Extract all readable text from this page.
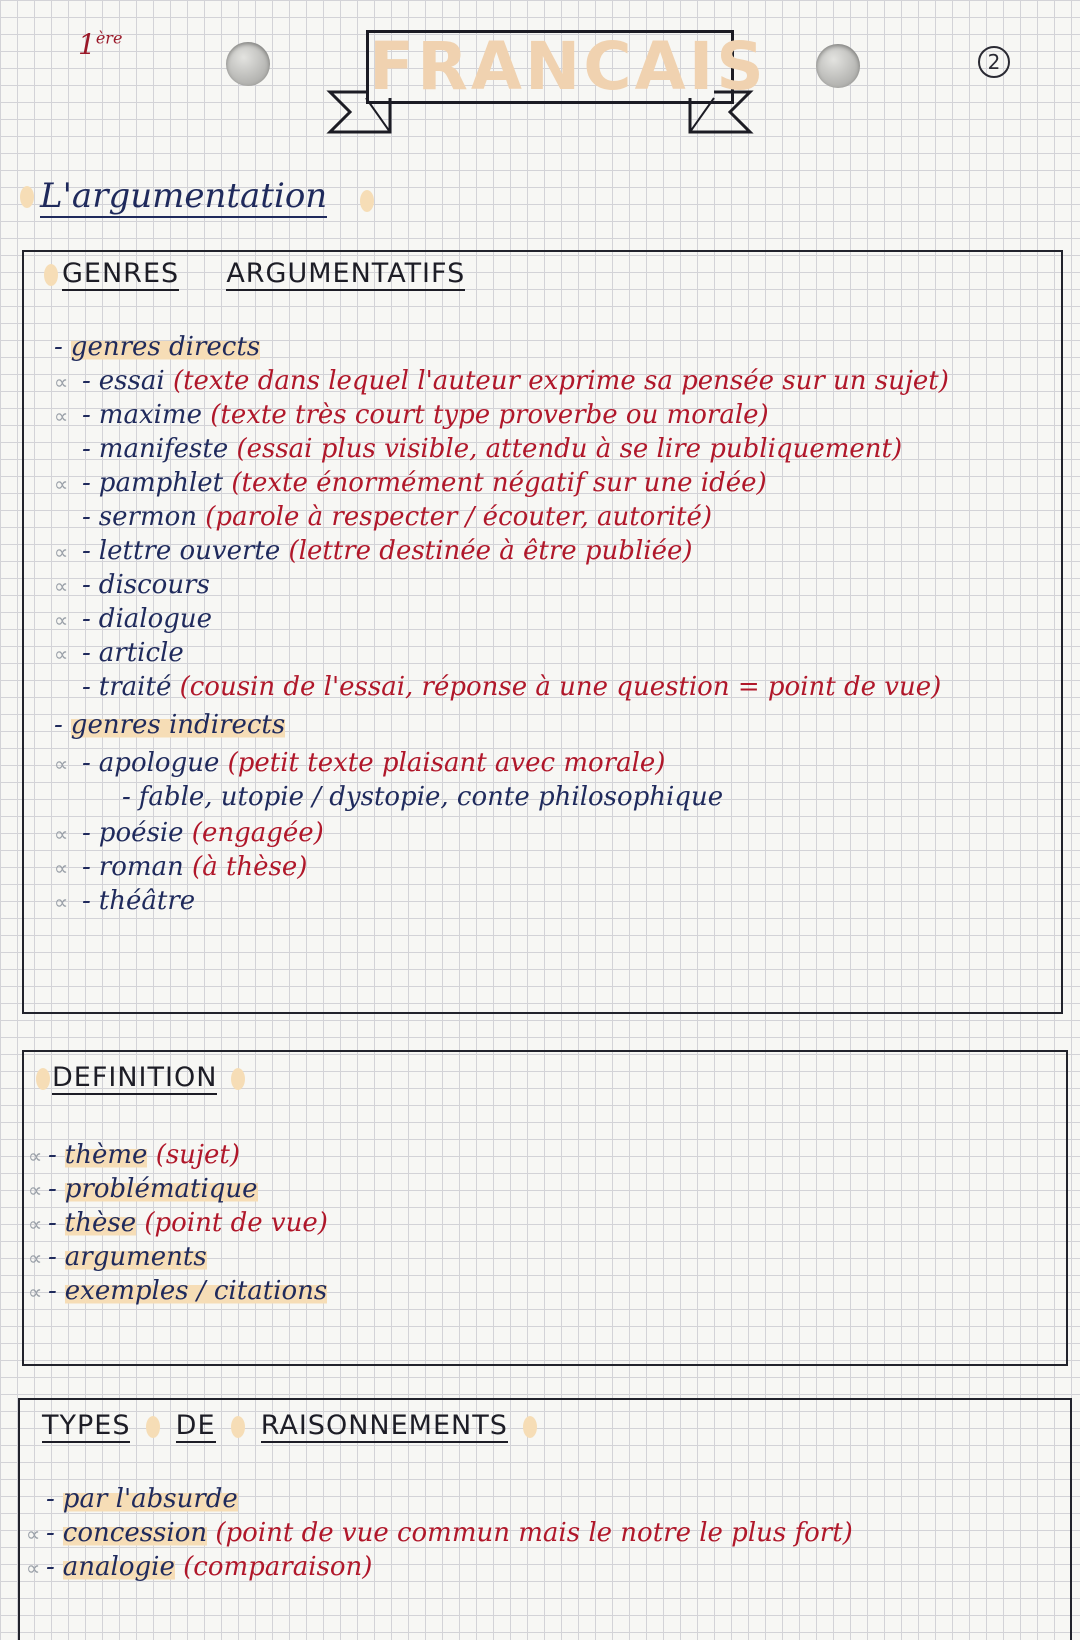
1ère
2
FRANCAIS
L'argumentation
GENRES ARGUMENTATIFS
- genres directs
∝ - essai (texte dans lequel l'auteur exprime sa pensée sur un sujet)
∝ - maxime (texte très court type proverbe ou morale)
- manifeste (essai plus visible, attendu à se lire publiquement)
∝ - pamphlet (texte énormément négatif sur une idée)
- sermon (parole à respecter / écouter, autorité)
∝ - lettre ouverte (lettre destinée à être publiée)
∝ - discours
∝ - dialogue
∝ - article
- traité (cousin de l'essai, réponse à une question = point de vue)
- genres indirects
∝ - apologue (petit texte plaisant avec morale)
- fable, utopie / dystopie, conte philosophique
∝ - poésie (engagée)
∝ - roman (à thèse)
∝ - théâtre
DEFINITION
∝ - thème (sujet)
∝ - problématique
∝ - thèse (point de vue)
∝ - arguments
∝ - exemples / citations
TYPES DE RAISONNEMENTS
- par l'absurde
∝ - concession (point de vue commun mais le notre le plus fort)
∝ - analogie (comparaison)
